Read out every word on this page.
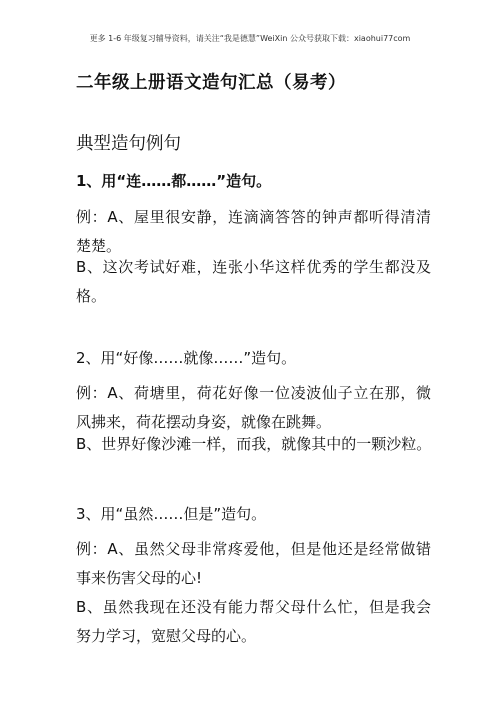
更多 1-6 年级复习辅导资料，请关注“我是德慧”WeiXin 公众号获取下载：xiaohui77com
二年级上册语文造句汇总（易考）
典型造句例句

1、用“连……都……”造句。

例：A、屋里很安静，连滴滴答答的钟声都听得清清
楚楚。

B、这次考试好难，连张小华这样优秀的学生都没及
格。

2、用“好像……就像……”造句。

例：A、荷塘里，荷花好像一位凌波仙子立在那，微
风拂来，荷花摆动身姿，就像在跳舞。

B、世界好像沙滩一样，而我，就像其中的一颗沙粒。

3、用“虽然……但是”造句。

例：A、虽然父母非常疼爱他，但是他还是经常做错
事来伤害父母的心!

B、虽然我现在还没有能力帮父母什么忙，但是我会
努力学习，宽慰父母的心。
